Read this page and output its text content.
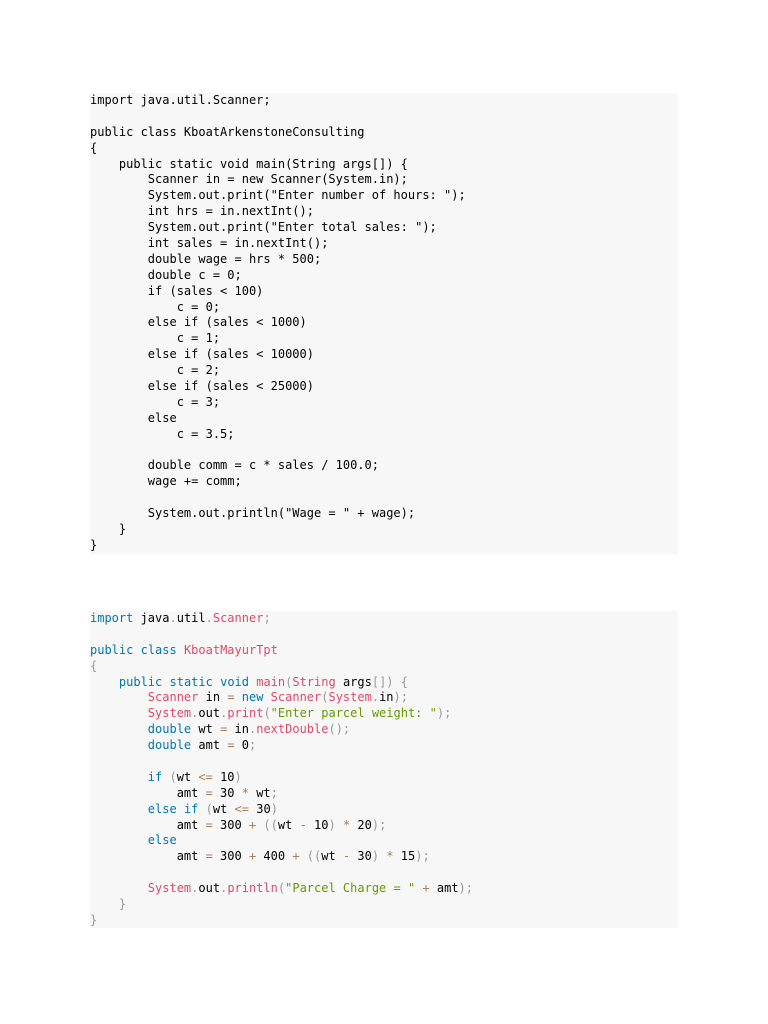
import java.util.Scanner;
public class KboatArkenstoneConsulting
{
public static void main(String args[]) {
Scanner in = new Scanner(System.in);
System.out.print("Enter number of hours: ");
int hrs = in.nextInt();
System.out.print("Enter total sales: ");
int sales = in.nextInt();
double wage = hrs * 500;
double c = 0;
if (sales < 100)
c = 0;
else if (sales < 1000)
c = 1;
else if (sales < 10000)
c = 2;
else if (sales < 25000)
c = 3;
else
c = 3.5;
double comm = c * sales / 100.0;
wage += comm;
System.out.println("Wage = " + wage);
}
}
import java.util.Scanner;
public class KboatMayurTpt
{
public static void main(String args[]) {
Scanner in = new Scanner(System.in);
System.out.print("Enter parcel weight: ");
double wt = in.nextDouble();
double amt = 0;
if (wt <= 10)
amt = 30 * wt;
else if (wt <= 30)
amt = 300 + ((wt - 10) * 20);
else
amt = 300 + 400 + ((wt - 30) * 15);
System.out.println("Parcel Charge = " + amt);
}
}
